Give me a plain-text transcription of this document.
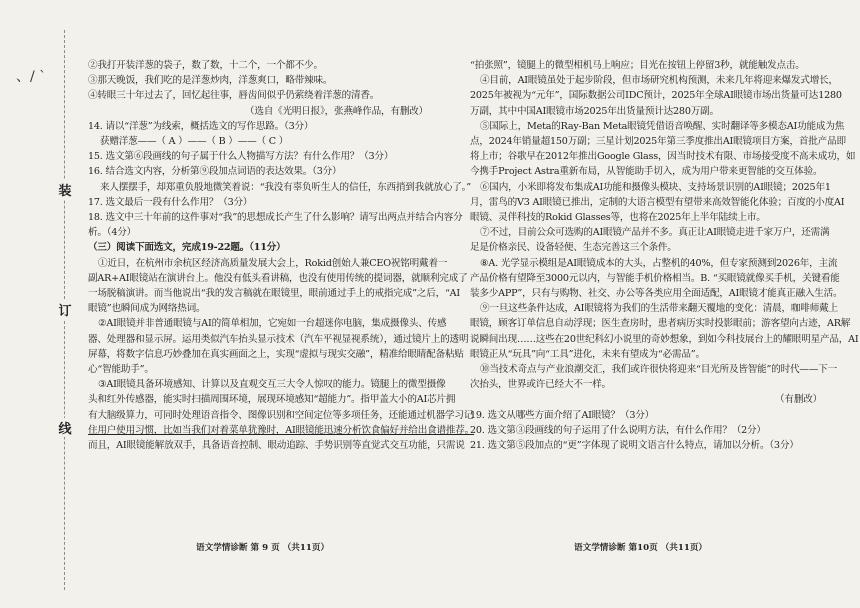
、/ ˋ
装
订
线

②我打开装洋葱的袋子，数了数，十二个，一个都不少。

③那天晚饭，我们吃的是洋葱炒肉，洋葱爽口，略带辣味。

④转眼三十年过去了，回忆起往事，唇齿间似乎仍萦绕着洋葱的清香。

（选自《光明日报》，张燕峰作品，有删改）

14. 请以“洋葱”为线索，概括选文的写作思路。（3分）

获赠洋葱——（ A ）——（ B ）——（ C ）

15. 选文第⑥段画线的句子属于什么人物描写方法？有什么作用？（3分）

16. 结合选文内容，分析第⑨段加点词语的表达效果。（3分）

来人摆摆手，却郑重负殷地微笑着说：“我没有辜负听生人的信任，东西捎到我就放心了。”

17. 选文最后一段有什么作用？（3分）

18. 选文中三十年前的这件事对“我”的思想成长产生了什么影响？请写出两点并结合内容分

析。（4分）

（三）阅读下面选文，完成19-22题。（11分）

①近日，在杭州市余杭区经济高质量发展大会上，Rokid创始人兼CEO祝铭明戴着一

副AR+AI眼镜站在演讲台上。他没有低头看讲稿，也没有使用传统的提词器，就顺利完成了

一场脱稿演讲。而当他说出“我的发言稿就在眼镜里，眼前通过手上的戒指完成”之后，“AI

眼镜”也瞬间成为网络热词。

②AI眼镜并非普通眼镜与AI的简单相加，它宛如一台超迷你电脑，集成摄像头、传感

器、处理器和显示屏。运用类似汽车抬头显示技术（汽车平视显视系统），通过镜片上的透明

屏幕，将数字信息巧妙叠加在真实画面之上，实现“虚拟与现实交融”，精准给眼睛配备粘贴

心“智能助手”。

③AI眼镜具备环境感知、计算以及直观交互三大令人惊叹的能力。镜腿上的微型摄像

头和红外传感器，能实时扫描周围环境，展现环境感知“超能力”。指甲盖大小的AI芯片拥

有大脑级算力，可同时处理语音指令、图像识别和空间定位等多项任务，还能通过机器学习记

住用户使用习惯，比如当我们对着菜单犹豫时，AI眼镜能迅速分析饮食偏好并给出食谱推荐。

而且，AI眼镜能解放双手，具备语音控制、眼动追踪、手势识别等直觉式交互功能，只需说

语文学情诊断 第 9 页 （共11页）

“拍张照”，镜腿上的微型相机马上响应；目光在按钮上停留3秒，就能触发点击。

④目前，AI眼镜虽处于起步阶段，但市场研究机构预测，未来几年将迎来爆发式增长，

2025年被视为“元年”，国际数据公司IDC预计，2025年全球AI眼镜市场出货量可达1280

万副，其中中国AI眼镜市场2025年出货量预计达280万副。

⑤国际上，Meta的Ray-Ban Meta眼镜凭借语音唤醒、实时翻译等多模态AI功能成为焦

点，2024年销量超150万副；三星计划2025年第三季度推出AI眼镜项目方案，首批产品即

将上市；谷歌早在2012年推出Google Glass，因当时技术有限、市场接受度不高未成功，如

今携手Project Astra重新布局，从智能助手切入，成为用户带来更智能的交互体验。

⑥国内，小米即将发布集成AI功能和摄像头模块、支持场景识别的AI眼镜；2025年1

月，雷鸟的V3 AI眼镜已推出，定制的大语言模型有望带来高效智能化体验；百度的小度AI

眼镜、灵伴科技的Rokid Glasses等，也将在2025年上半年陆续上市。

⑦不过，目前公众可选购的AI眼镜产品并不多。真正让AI眼镜走进千家万户，还需满

足是价格亲民、设备轻便、生态完善这三个条件。

⑧A. 光学显示模组是AI眼镜成本的大头，占整机的40%，但专家预测到2026年，主流

产品价格有望降至3000元以内，与智能手机价格相当。B. “买眼镜就像买手机，关键看能

装多少APP”，只有与购物、社交、办公等各类应用全面适配，AI眼镜才能真正融入生活。

⑨一旦这些条件达成，AI眼镜将为我们的生活带来翻天覆地的变化：清晨，咖啡师戴上

眼镜，顾客订单信息自动浮现；医生查房时，患者病历实时投影眼前；游客望向古迹，AR解

说瞬间出现……这些在20世纪科幻小说里的奇妙想象，到如今科技展台上的耀眼明星产品，AI

眼镜正从“玩具”向“工具”进化，未来有望成为“必需品”。

⑩当技术奇点与产业浪潮交汇，我们或许很快将迎来“目光所及皆智能”的时代——下一

次抬头，世界或许已经大不一样。

（有删改）

19. 选文从哪些方面介绍了AI眼镜？（3分）

20. 选文第③段画线的句子运用了什么说明方法，有什么作用？（2分）

21. 选文第⑤段加点的“更”字体现了说明文语言什么特点，请加以分析。（3分）

语文学情诊断 第10页 （共11页）
